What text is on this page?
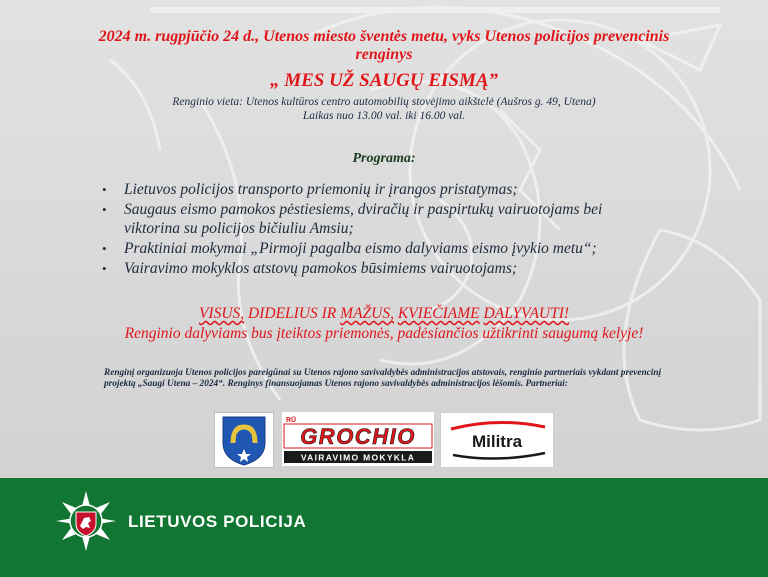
2024 m. rugpjūčio 24 d., Utenos miesto šventės metu, vyks Utenos policijos prevencinis
renginys
„ MES UŽ SAUGŲ EISMĄ”
Renginio vieta: Utenos kultūros centro automobilių stovėjimo aikštelė (Aušros g. 49, Utena)
Laikas nuo 13.00 val. iki 16.00 val.
Programa:
• Lietuvos policijos transporto priemonių ir įrangos pristatymas;
• Saugaus eismo pamokos pėstiesiems, dviračių ir paspirtukų vairuotojams bei viktorina su policijos bičiuliu Amsiu;
• Praktiniai mokymai „Pirmoji pagalba eismo dalyviams eismo įvykio metu“;
• Vairavimo mokyklos atstovų pamokos būsimiems vairuotojams;
VISUS, DIDELIUS IR MAŽUS, KVIEČIAME DALYVAUTI!
Renginio dalyviams bus įteiktos priemonės, padėsiančios užtikrinti saugumą kelyje!
Renginį organizuoja Utenos policijos pareigūnai su Utenos rajono savivaldybės administracijos atstovais, renginio partneriais vykdant prevencinį projektą „Saugi Utena – 2024“. Renginys finansuojamas Utenos rajono savivaldybės administracijos lėšomis. Partneriai:
RŪ
GROCHIO
VAIRAVIMO MOKYKLA
Militra
LIETUVOS POLICIJA
